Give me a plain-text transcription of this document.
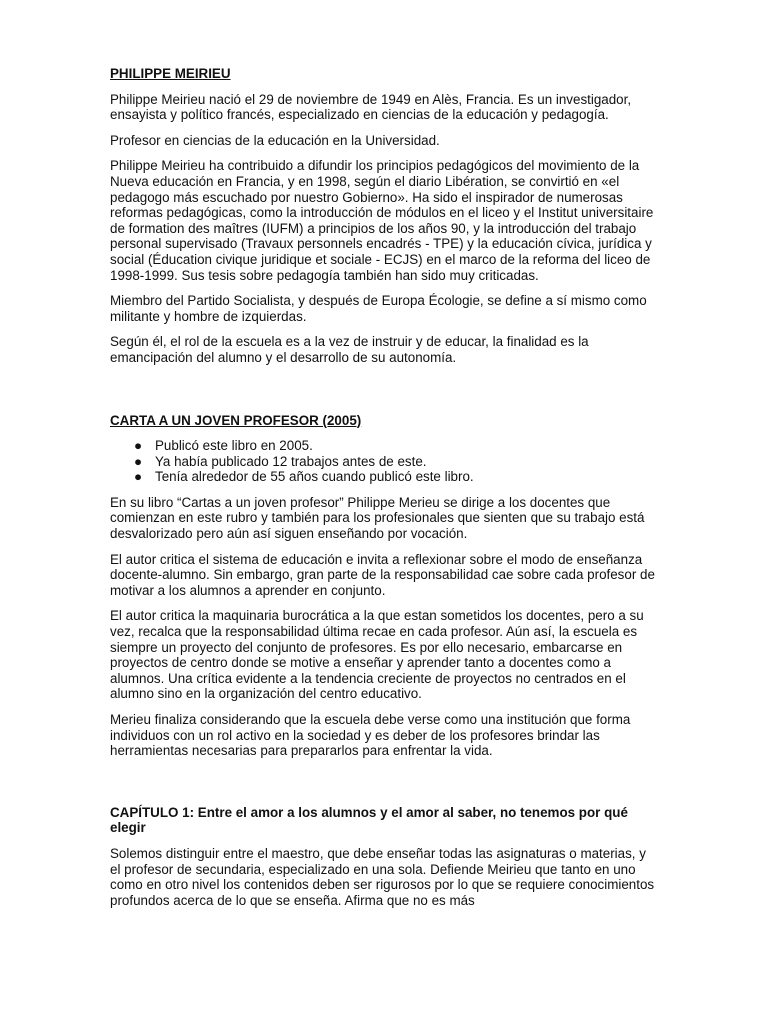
PHILIPPE MEIRIEU

Philippe Meirieu nació el 29 de noviembre de 1949 en Alès, Francia. Es un investigador, ensayista y político francés, especializado en ciencias de la educación y pedagogía.

Profesor en ciencias de la educación en la Universidad.

Philippe Meirieu ha contribuido a difundir los principios pedagógicos del movimiento de la Nueva educación en Francia, y en 1998, según el diario Libération, se convirtió en «el pedagogo más escuchado por nuestro Gobierno». Ha sido el inspirador de numerosas reformas pedagógicas, como la introducción de módulos en el liceo y el Institut universitaire de formation des maîtres (IUFM) a principios de los años 90, y la introducción del trabajo personal supervisado (Travaux personnels encadrés - TPE) y la educación cívica, jurídica y social (Éducation civique juridique et sociale - ECJS) en el marco de la reforma del liceo de 1998-1999. Sus tesis sobre pedagogía también han sido muy criticadas.

Miembro del Partido Socialista, y después de Europa Écologie, se define a sí mismo como militante y hombre de izquierdas.

Según él, el rol de la escuela es a la vez de instruir y de educar, la finalidad es la emancipación del alumno y el desarrollo de su autonomía.

CARTA A UN JOVEN PROFESOR (2005)
● Publicó este libro en 2005.
● Ya había publicado 12 trabajos antes de este.
● Tenía alrededor de 55 años cuando publicó este libro.

En su libro “Cartas a un joven profesor” Philippe Merieu se dirige a los docentes que comienzan en este rubro y también para los profesionales que sienten que su trabajo está desvalorizado pero aún así siguen enseñando por vocación.

El autor critica el sistema de educación e invita a reflexionar sobre el modo de enseñanza docente-alumno. Sin embargo, gran parte de la responsabilidad cae sobre cada profesor de motivar a los alumnos a aprender en conjunto.

El autor critica la maquinaria burocrática a la que estan sometidos los docentes, pero a su vez, recalca que la responsabilidad última recae en cada profesor. Aún así, la escuela es siempre un proyecto del conjunto de profesores. Es por ello necesario, embarcarse en proyectos de centro donde se motive a enseñar y aprender tanto a docentes como a alumnos. Una crítica evidente a la tendencia creciente de proyectos no centrados en el alumno sino en la organización del centro educativo.

Merieu finaliza considerando que la escuela debe verse como una institución que forma individuos con un rol activo en la sociedad y es deber de los profesores brindar las herramientas necesarias para prepararlos para enfrentar la vida.

CAPÍTULO 1: Entre el amor a los alumnos y el amor al saber, no tenemos por qué elegir

Solemos distinguir entre el maestro, que debe enseñar todas las asignaturas o materias, y el profesor de secundaria, especializado en una sola. Defiende Meirieu que tanto en uno como en otro nivel los contenidos deben ser rigurosos por lo que se requiere conocimientos profundos acerca de lo que se enseña. Afirma que no es más
